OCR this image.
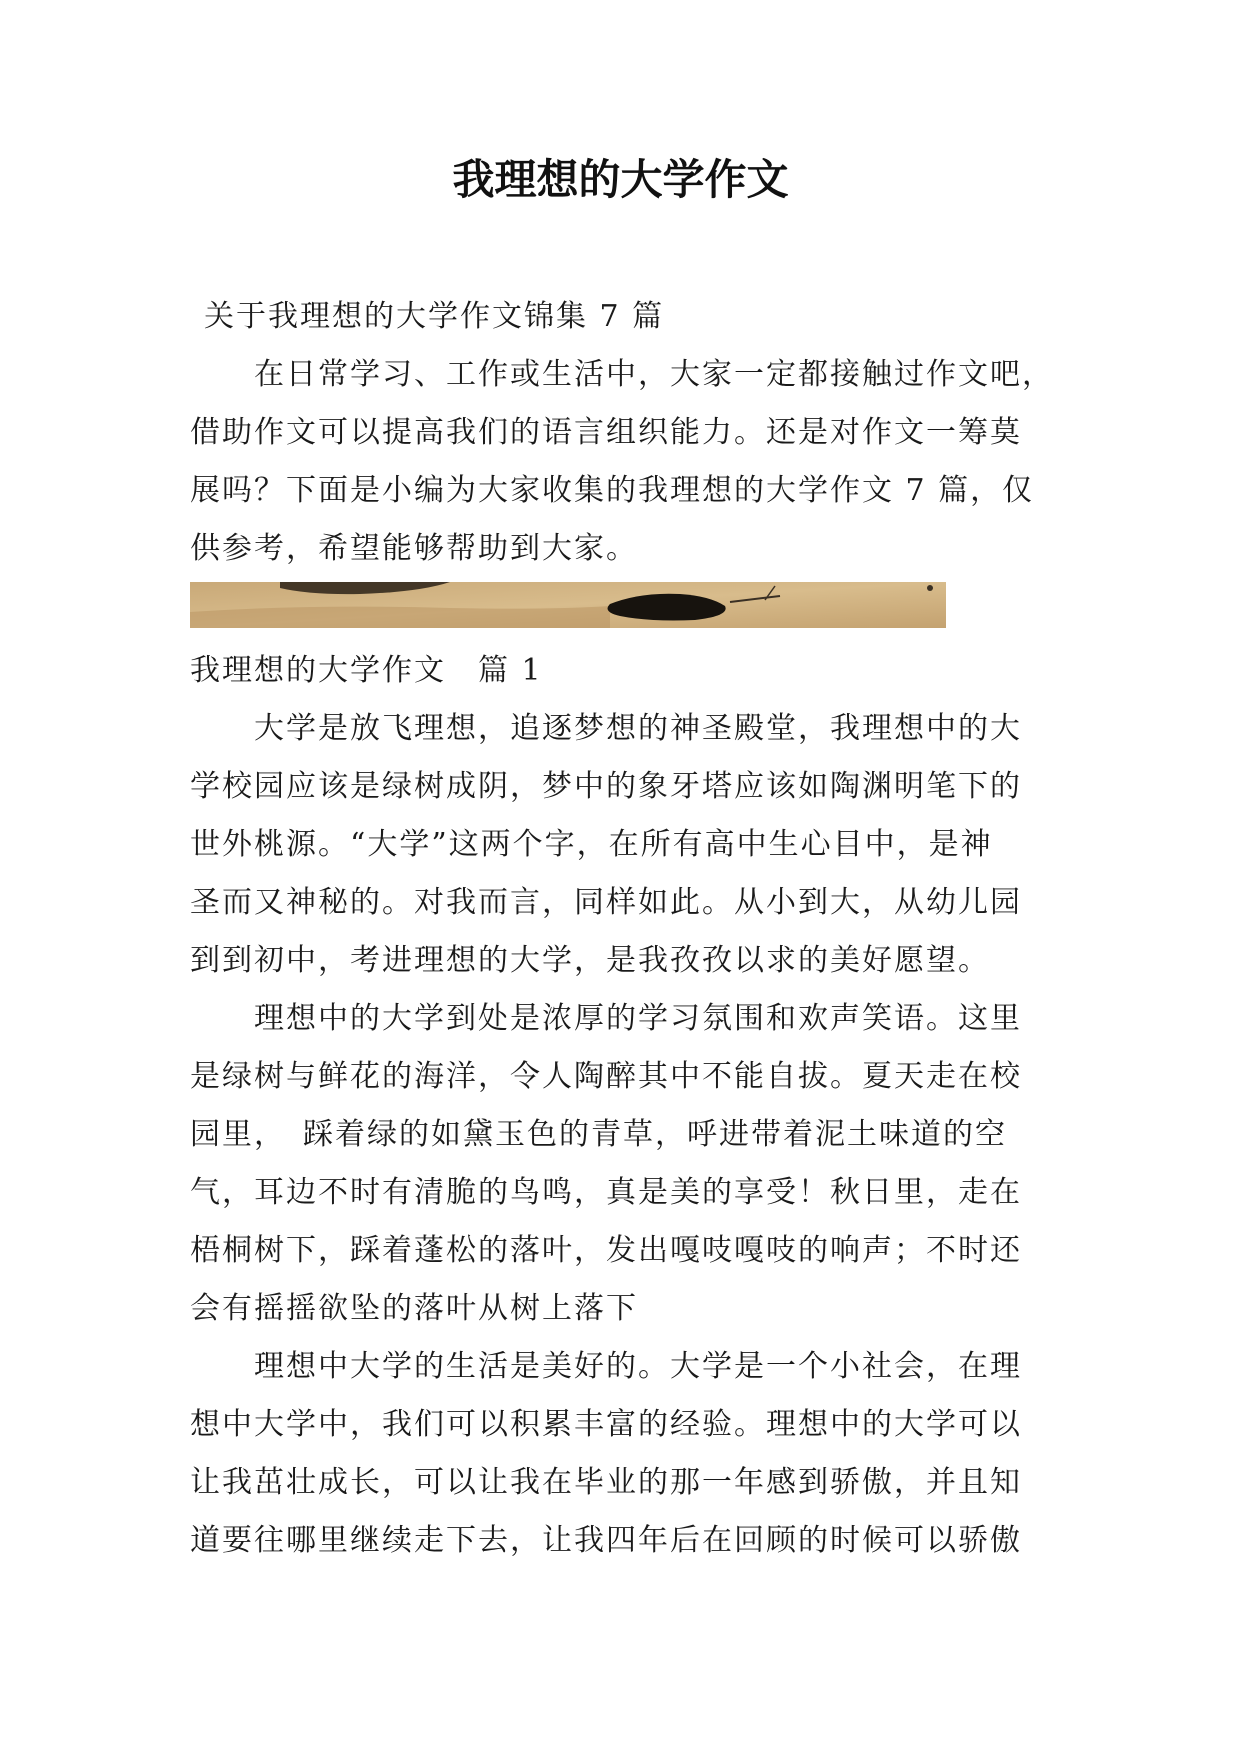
我理想的大学作文

关于我理想的大学作文锦集 7 篇

　　在日常学习、工作或生活中，大家一定都接触过作文吧，

借助作文可以提高我们的语言组织能力。还是对作文一筹莫

展吗？下面是小编为大家收集的我理想的大学作文 7 篇，仅

供参考，希望能够帮助到大家。

我理想的大学作文　篇 1

　　大学是放飞理想，追逐梦想的神圣殿堂，我理想中的大

学校园应该是绿树成阴，梦中的象牙塔应该如陶渊明笔下的

世外桃源。“大学”这两个字，在所有高中生心目中，是神

圣而又神秘的。对我而言，同样如此。从小到大，从幼儿园

到到初中，考进理想的大学，是我孜孜以求的美好愿望。

　　理想中的大学到处是浓厚的学习氛围和欢声笑语。这里

是绿树与鲜花的海洋，令人陶醉其中不能自拔。夏天走在校

园里，　踩着绿的如黛玉色的青草，呼进带着泥土味道的空

气，耳边不时有清脆的鸟鸣，真是美的享受！秋日里，走在

梧桐树下，踩着蓬松的落叶，发出嘎吱嘎吱的响声；不时还

会有摇摇欲坠的落叶从树上落下

　　理想中大学的生活是美好的。大学是一个小社会，在理

想中大学中，我们可以积累丰富的经验。理想中的大学可以

让我茁壮成长，可以让我在毕业的那一年感到骄傲，并且知

道要往哪里继续走下去，让我四年后在回顾的时候可以骄傲
